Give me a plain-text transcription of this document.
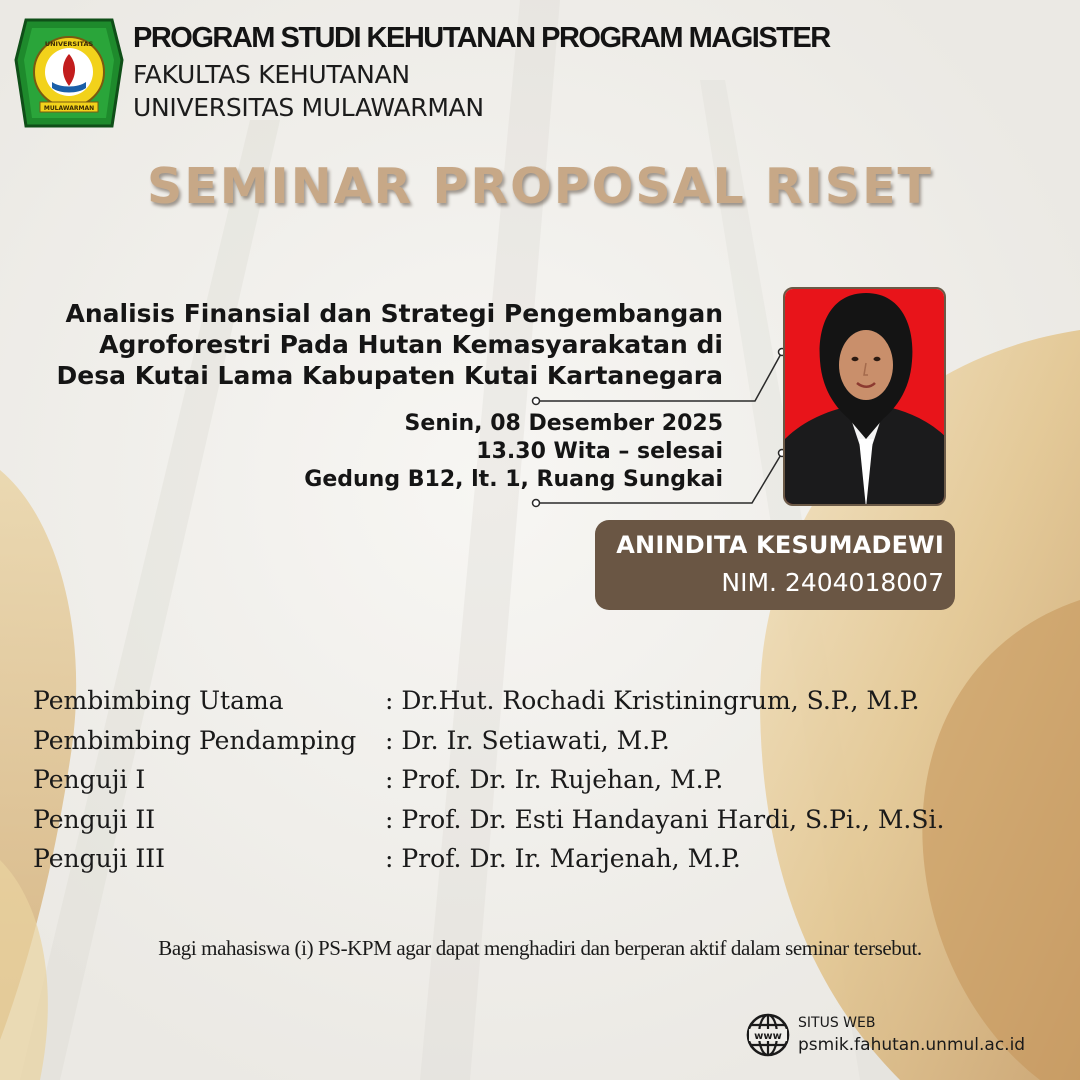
UNIVERSITAS
MULAWARMAN
PROGRAM STUDI KEHUTANAN PROGRAM MAGISTER
FAKULTAS KEHUTANAN
UNIVERSITAS MULAWARMAN
SEMINAR PROPOSAL RISET
Analisis Finansial dan Strategi Pengembangan
Agroforestri Pada Hutan Kemasyarakatan di
Desa Kutai Lama Kabupaten Kutai Kartanegara
Senin, 08 Desember 2025
13.30 Wita – selesai
Gedung B12, lt. 1, Ruang Sungkai
ANINDITA KESUMADEWI
NIM. 2404018007
Pembimbing Utama	: Dr.Hut. Rochadi Kristiningrum, S.P., M.P.
Pembimbing Pendamping : Dr. Ir. Setiawati, M.P.
Penguji I	: Prof. Dr. Ir. Rujehan, M.P.
Penguji II	: Prof. Dr. Esti Handayani Hardi, S.Pi., M.Si.
Penguji III	: Prof. Dr. Ir. Marjenah, M.P.
Bagi mahasiswa (i) PS-KPM agar dapat menghadiri dan berperan aktif dalam seminar tersebut.
www
SITUS WEB
psmik.fahutan.unmul.ac.id
